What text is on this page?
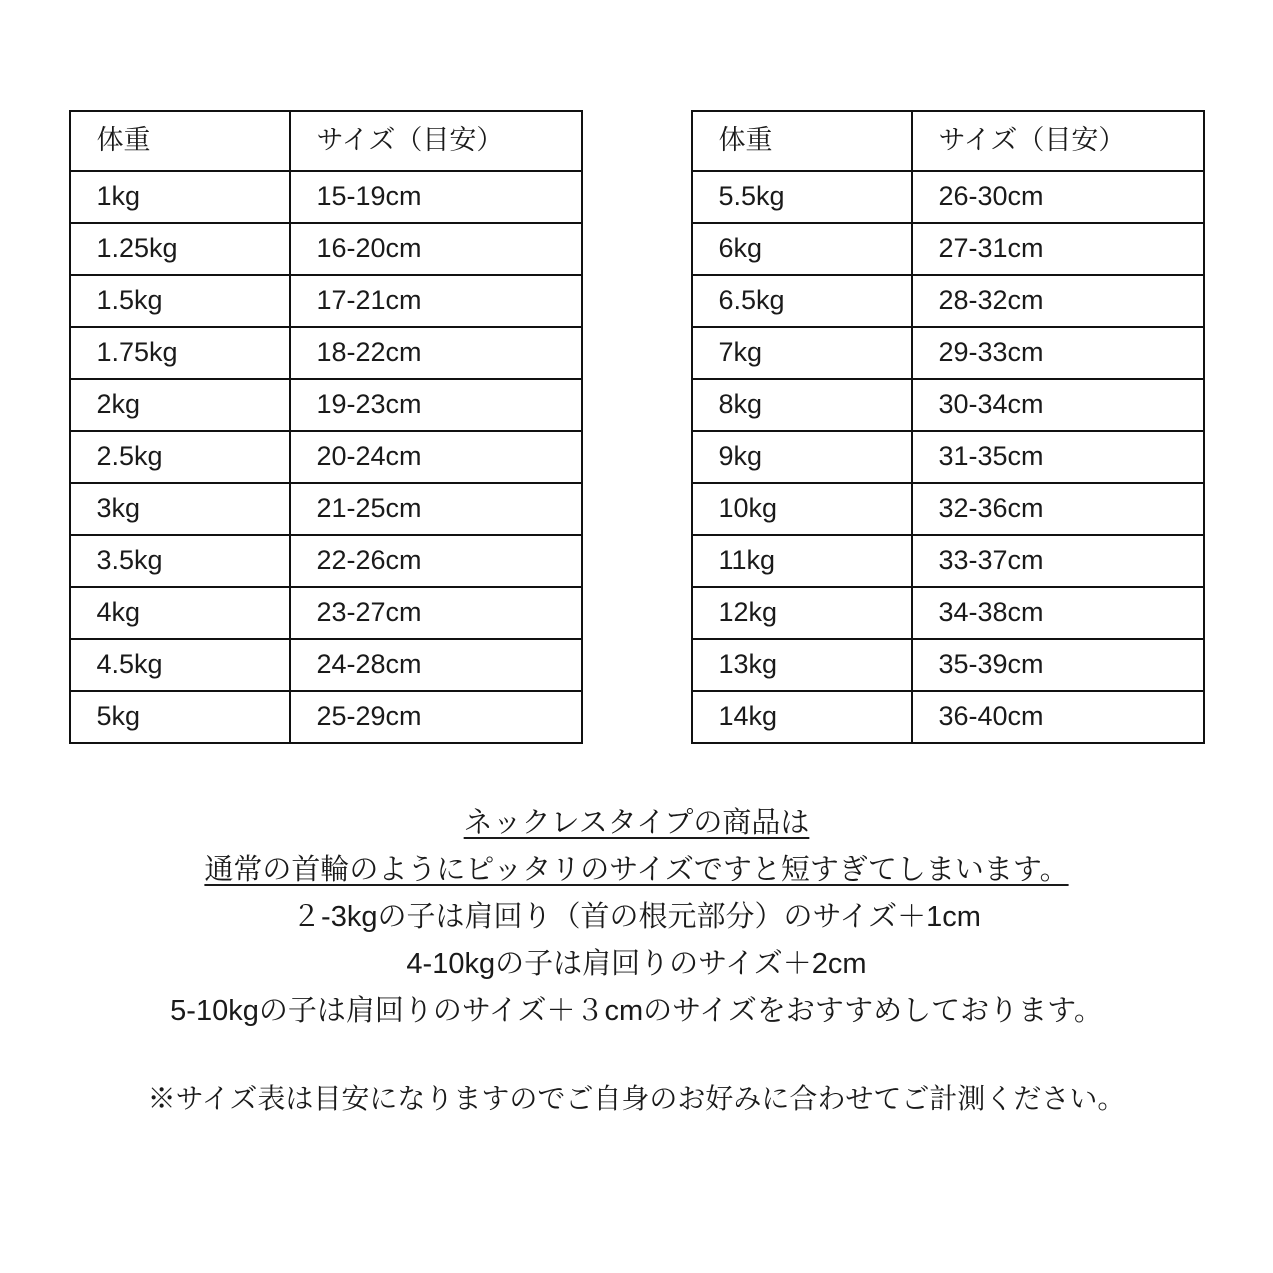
体重	サイズ（目安）
1kg	15-19cm
1.25kg	16-20cm
1.5kg	17-21cm
1.75kg	18-22cm
2kg	19-23cm
2.5kg	20-24cm
3kg	21-25cm
3.5kg	22-26cm
4kg	23-27cm
4.5kg	24-28cm
5kg	25-29cm
体重	サイズ（目安）
5.5kg	26-30cm
6kg	27-31cm
6.5kg	28-32cm
7kg	29-33cm
8kg	30-34cm
9kg	31-35cm
10kg	32-36cm
11kg	33-37cm
12kg	34-38cm
13kg	35-39cm
14kg	36-40cm
ネックレスタイプの商品は
通常の首輪のようにピッタリのサイズですと短すぎてしまいます。
２-3kgの子は肩回り（首の根元部分）のサイズ＋1cm
4-10kgの子は肩回りのサイズ＋2cm
5-10kgの子は肩回りのサイズ＋３cmのサイズをおすすめしております。
※サイズ表は目安になりますのでご自身のお好みに合わせてご計測ください。
